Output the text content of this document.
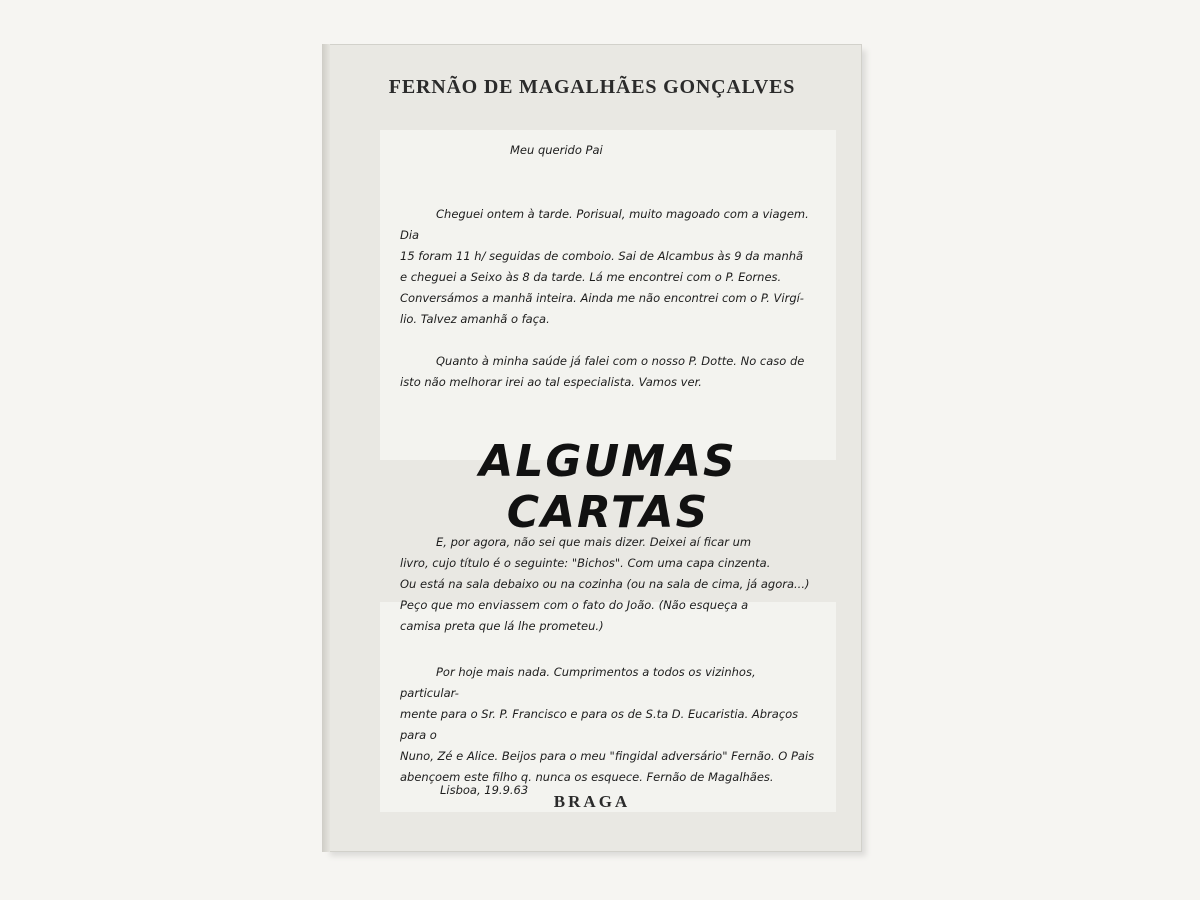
FERNÃO DE MAGALHÃES GONÇALVES
Meu querido Pai

Cheguei ontem à tarde. Porisual, muito magoado com a viagem. Dia

15 foram 11 h/ seguidas de comboio. Sai de Alcambus às 9 da manhã

e cheguei a Seixo às 8 da tarde. Lá me encontrei com o P. Eornes.

Conversámos a manhã inteira. Ainda me não encontrei com o P. Virgí-

lio. Talvez amanhã o faça.

Quanto à minha saúde já falei com o nosso P. Dotte. No caso de

isto não melhorar irei ao tal especialista. Vamos ver.

ALGUMAS CARTAS

E, por agora, não sei que mais dizer. Deixei aí ficar um

livro, cujo título é o seguinte: "Bichos". Com uma capa cinzenta.

Ou está na sala debaixo ou na cozinha (ou na sala de cima, já agora...)

Peço que mo enviassem com o fato do João. (Não esqueça a

camisa preta que lá lhe prometeu.)

Por hoje mais nada. Cumprimentos a todos os vizinhos, particular-

mente para o Sr. P. Francisco e para os de S.ta D. Eucaristia. Abraços para o

Nuno, Zé e Alice. Beijos para o meu "fingidal adversário" Fernão. O Pais

abençoem este filho q. nunca os esquece. Fernão de Magalhães.

Lisboa, 19.9.63
BRAGA
